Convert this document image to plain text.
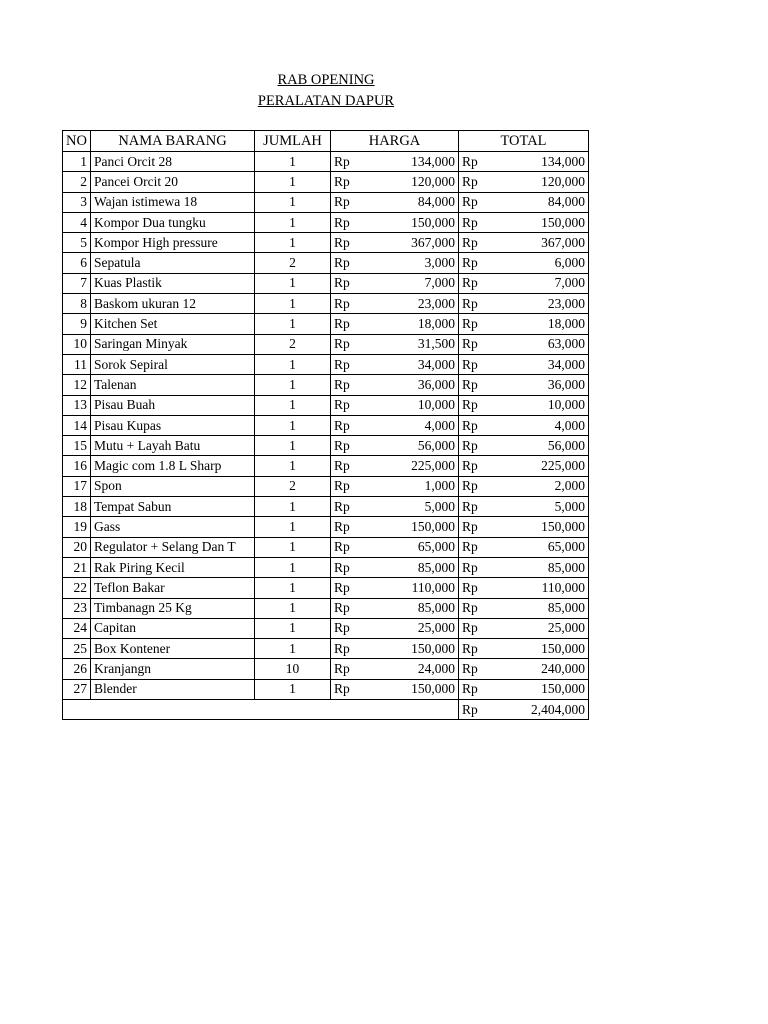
RAB OPENING
PERALATAN DAPUR
NO	NAMA BARANG	JUMLAH	HARGA		TOTAL	
1	Panci Orcit 28	1	Rp	134,000	Rp	134,000
2	Pancei Orcit 20	1	Rp	120,000	Rp	120,000
3	Wajan istimewa 18	1	Rp	84,000	Rp	84,000
4	Kompor Dua tungku	1	Rp	150,000	Rp	150,000
5	Kompor High pressure	1	Rp	367,000	Rp	367,000
6	Sepatula	2	Rp	3,000	Rp	6,000
7	Kuas Plastik	1	Rp	7,000	Rp	7,000
8	Baskom ukuran 12	1	Rp	23,000	Rp	23,000
9	Kitchen Set	1	Rp	18,000	Rp	18,000
10	Saringan Minyak	2	Rp	31,500	Rp	63,000
11	Sorok Sepiral	1	Rp	34,000	Rp	34,000
12	Talenan	1	Rp	36,000	Rp	36,000
13	Pisau Buah	1	Rp	10,000	Rp	10,000
14	Pisau Kupas	1	Rp	4,000	Rp	4,000
15	Mutu + Layah Batu	1	Rp	56,000	Rp	56,000
16	Magic com 1.8 L Sharp	1	Rp	225,000	Rp	225,000
17	Spon	2	Rp	1,000	Rp	2,000
18	Tempat Sabun	1	Rp	5,000	Rp	5,000
19	Gass	1	Rp	150,000	Rp	150,000
20	Regulator + Selang Dan T	1	Rp	65,000	Rp	65,000
21	Rak Piring Kecil	1	Rp	85,000	Rp	85,000
22	Teflon Bakar	1	Rp	110,000	Rp	110,000
23	Timbanagn 25 Kg	1	Rp	85,000	Rp	85,000
24	Capitan	1	Rp	25,000	Rp	25,000
25	Box Kontener	1	Rp	150,000	Rp	150,000
26	Kranjangn	10	Rp	24,000	Rp	240,000
27	Blender	1	Rp	150,000	Rp	150,000
					Rp	2,404,000
